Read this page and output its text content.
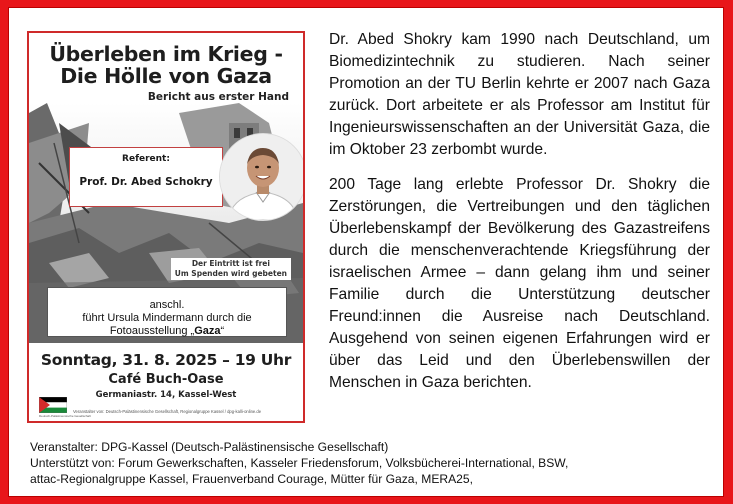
Überleben im Krieg -
Die Hölle von Gaza
Bericht aus erster Hand
Referent:
Prof. Dr. Abed Schokry
Der Eintritt ist frei
Um Spenden wird gebeten
anschl.
führt Ursula Mindermann durch die
Fotoausstellung „Gaza“
Sonntag, 31. 8. 2025 – 19 Uhr
Café Buch-Oase
Germaniastr. 14, Kassel-West
Deutsch-Palästinensische Gesellschaft
Veranstalter von: Deutsch-Palästinensische Gesellschaft, Regionalgruppe Kassel / dpg-kalli-online.de

Dr. Abed Shokry kam 1990 nach Deutschland, um Biomedizintechnik zu studieren. Nach seiner Promotion an der TU Berlin kehrte er 2007 nach Gaza zurück. Dort arbeitete er als Professor am Institut für Ingenieurswissenschaften an der Universität Gaza, die im Oktober 23 zerbombt wurde.

200 Tage lang erlebte Professor Dr. Shokry die Zerstörungen, die Vertreibungen und den täglichen Überlebenskampf der Bevölkerung des Gazastreifens durch die menschenverachtende Kriegsführung der israelischen Armee – dann gelang ihm und seiner Familie durch die Unterstützung deutscher Freund:innen die Ausreise nach Deutschland. Ausgehend von seinen eigenen Erfahrungen wird er über das Leid und den Überlebenswillen der Menschen in Gaza berichten.

Veranstalter: DPG-Kassel (Deutsch-Palästinensische Gesellschaft)
Unterstützt von: Forum Gewerkschaften, Kasseler Friedensforum, Volksbücherei-International, BSW,
attac-Regionalgruppe Kassel, Frauenverband Courage, Mütter für Gaza, MERA25,
